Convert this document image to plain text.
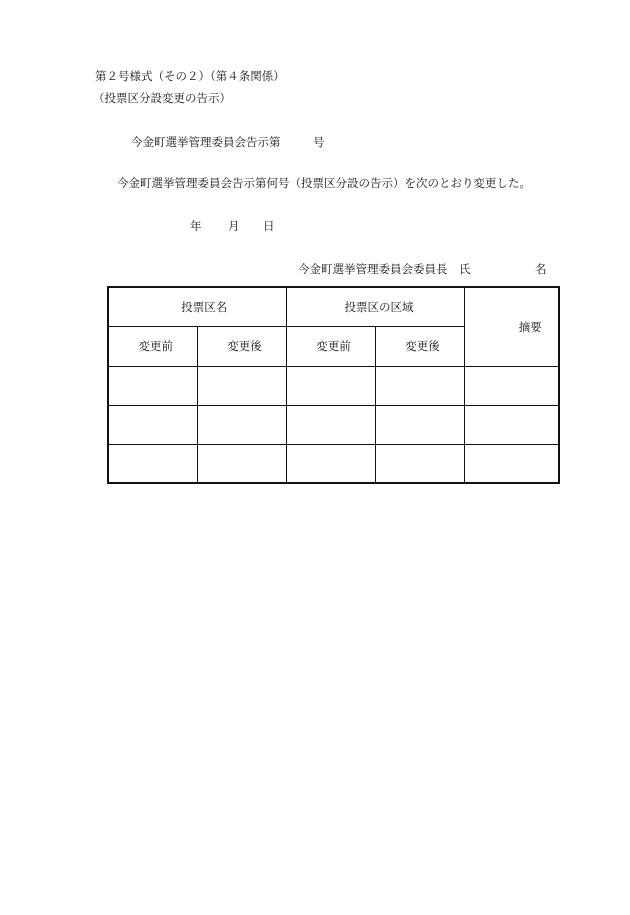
第２号様式（その２）（第４条関係）
（投票区分設変更の告示）
今金町選挙管理委員会告示第	号
今金町選挙管理委員会告示第何号（投票区分設の告示）を次のとおり変更した。
年 月 日
今金町選挙管理委員会委員長　氏	名
投票区名		投票区の区域		摘要
変更前	変更後	変更前	変更後	
